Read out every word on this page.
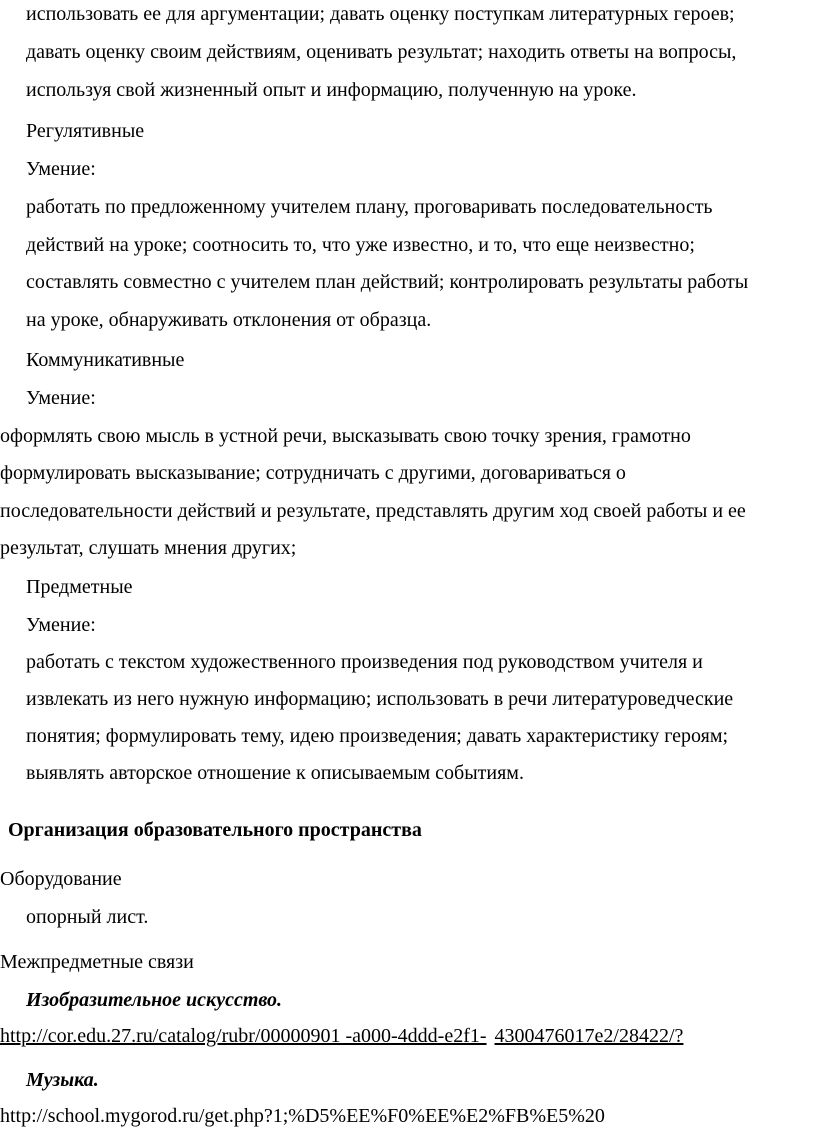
использовать ее для аргументации; давать оценку поступкам литературных героев;
давать оценку своим действиям, оценивать результат; находить ответы на вопросы,
используя свой жизненный опыт и информацию, полученную на уроке.
Регулятивные
Умение:
работать по предложенному учителем плану, проговаривать последовательность
действий на уроке; соотносить то, что уже известно, и то, что еще неизвестно;
составлять совместно с учителем план действий; контролировать результаты работы
на уроке, обнаруживать отклонения от образца.
Коммуникативные
Умение:
оформлять свою мысль в устной речи, высказывать свою точку зрения, грамотно
формулировать высказывание; сотрудничать с другими, договариваться о
последовательности действий и результате, представлять другим ход своей работы и ее
результат, слушать мнения других;
Предметные
Умение:
работать с текстом художественного произведения под руководством учителя и
извлекать из него нужную информацию; использовать в речи литературоведческие
понятия; формулировать тему, идею произведения; давать характеристику героям;
выявлять авторское отношение к описываемым событиям.
Организация образовательного пространства
Оборудование
опорный лист.
Межпредметные связи
Изобразительное искусство.
http://cor.edu.27.ru/catalog/rubr/00000901 -a000-4ddd-e2f1- 4300476017e2/28422/?
Музыка.
http://school.mygorod.ru/get.php?1;%D5%EE%F0%EE%E2%FB%E5%20
